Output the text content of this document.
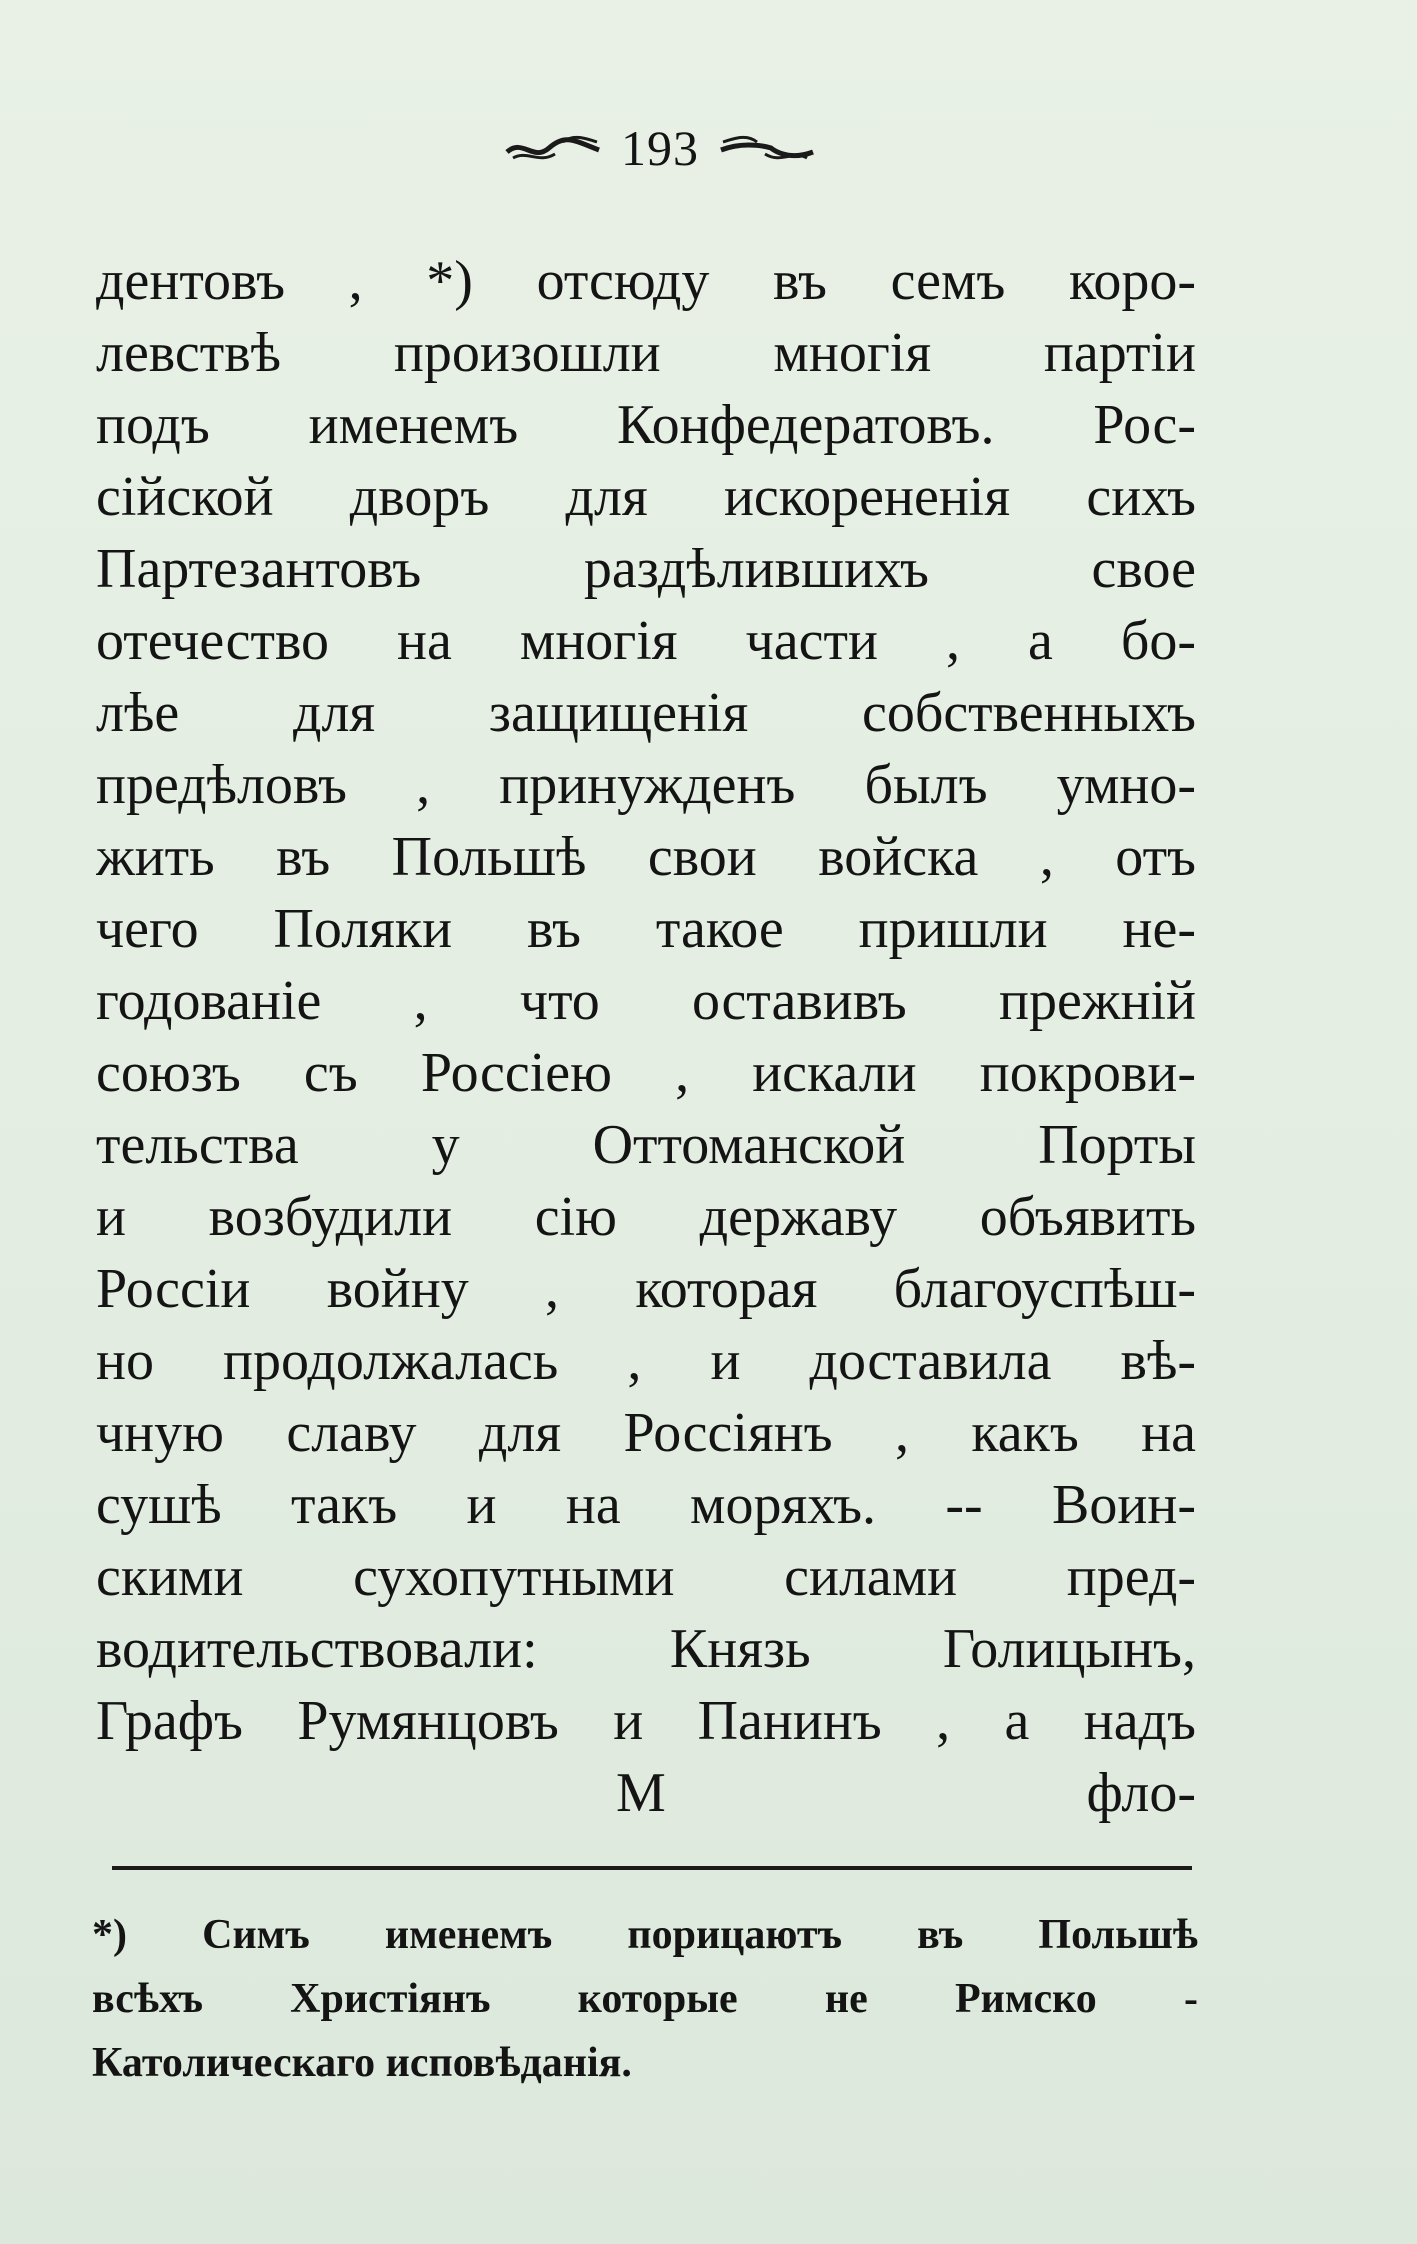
193
дентовъ , *) отсюду въ семъ коро-
левствѣ произошли многія партіи
подъ именемъ Конфедератовъ. Рос-
сійской дворъ для искорененія сихъ
Партезантовъ раздѣлившихъ свое
отечество на многія части , а бо-
лѣе для защищенія собственныхъ
предѣловъ , принужденъ былъ умно-
жить въ Польшѣ свои войска , отъ
чего Поляки въ такое пришли не-
годованіе , что оставивъ прежній
союзъ съ Россіею , искали покрови-
тельства у Оттоманской Порты
и возбудили сію державу объявить
Россіи войну , которая благоуспѣш-
но продолжалась , и доставила вѣ-
чную славу для Россіянъ , какъ на
сушѣ такъ и на моряхъ. -- Воин-
скими сухопутными силами пред-
водительствовали: Князь Голицынъ,
Графъ Румянцовъ и Панинъ , а надъ
М	фло-
*) Симъ именемъ порицаютъ въ Польшѣ
всѣхъ Христіянъ которые не Римско -
Католическаго исповѣданія.
